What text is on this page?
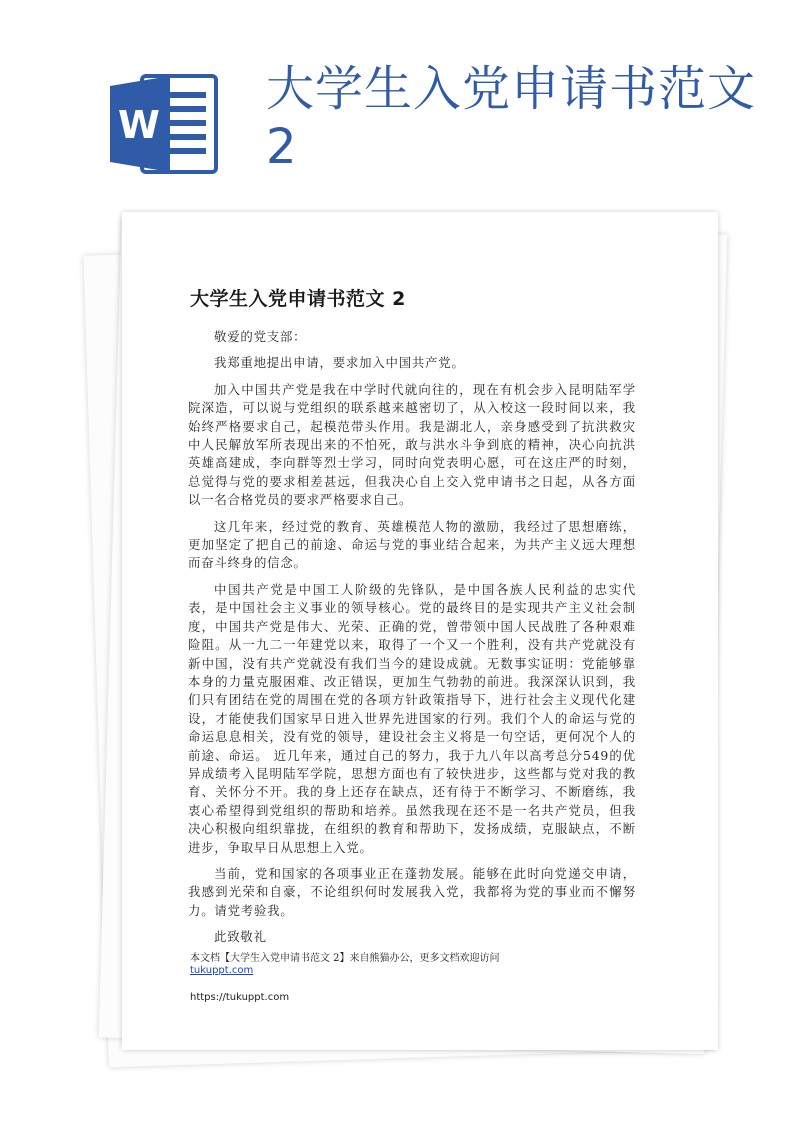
W
大学生入党申请书范文2
大学生入党申请书范文 2

敬爱的党支部：

我郑重地提出申请，要求加入中国共产党。

加入中国共产党是我在中学时代就向往的，现在有机会步入昆明陆军学院深造，可以说与党组织的联系越来越密切了，从入校这一段时间以来，我始终严格要求自己，起模范带头作用。我是湖北人，亲身感受到了抗洪救灾中人民解放军所表现出来的不怕死，敢与洪水斗争到底的精神，决心向抗洪英雄高建成，李向群等烈士学习，同时向党表明心愿，可在这庄严的时刻，总觉得与党的要求相差甚远，但我决心自上交入党申请书之日起，从各方面以一名合格党员的要求严格要求自己。

这几年来，经过党的教育、英雄模范人物的激励，我经过了思想磨练，更加坚定了把自己的前途、命运与党的事业结合起来，为共产主义远大理想而奋斗终身的信念。

中国共产党是中国工人阶级的先锋队，是中国各族人民利益的忠实代表，是中国社会主义事业的领导核心。党的最终目的是实现共产主义社会制度，中国共产党是伟大、光荣、正确的党，曾带领中国人民战胜了各种艰难险阻。从一九二一年建党以来，取得了一个又一个胜利，没有共产党就没有新中国，没有共产党就没有我们当今的建设成就。无数事实证明：党能够靠本身的力量克服困难、改正错误，更加生气勃勃的前进。我深深认识到，我们只有团结在党的周围在党的各项方针政策指导下，进行社会主义现代化建设，才能使我们国家早日进入世界先进国家的行列。我们个人的命运与党的命运息息相关，没有党的领导，建设社会主义将是一句空话，更何况个人的前途、命运。 近几年来，通过自己的努力，我于九八年以高考总分549的优异成绩考入昆明陆军学院，思想方面也有了较快进步，这些都与党对我的教育、关怀分不开。我的身上还存在缺点，还有待于不断学习、不断磨练，我衷心希望得到党组织的帮助和培养。虽然我现在还不是一名共产党员，但我决心积极向组织靠拢，在组织的教育和帮助下，发扬成绩，克服缺点，不断进步，争取早日从思想上入党。

当前，党和国家的各项事业正在蓬勃发展。能够在此时向党递交申请，我感到光荣和自豪，不论组织何时发展我入党，我都将为党的事业而不懈努力。请党考验我。

此致敬礼

本文档【大学生入党申请书范文 2】来自熊猫办公，更多文档欢迎访问
tukuppt.com
https://tukuppt.com
